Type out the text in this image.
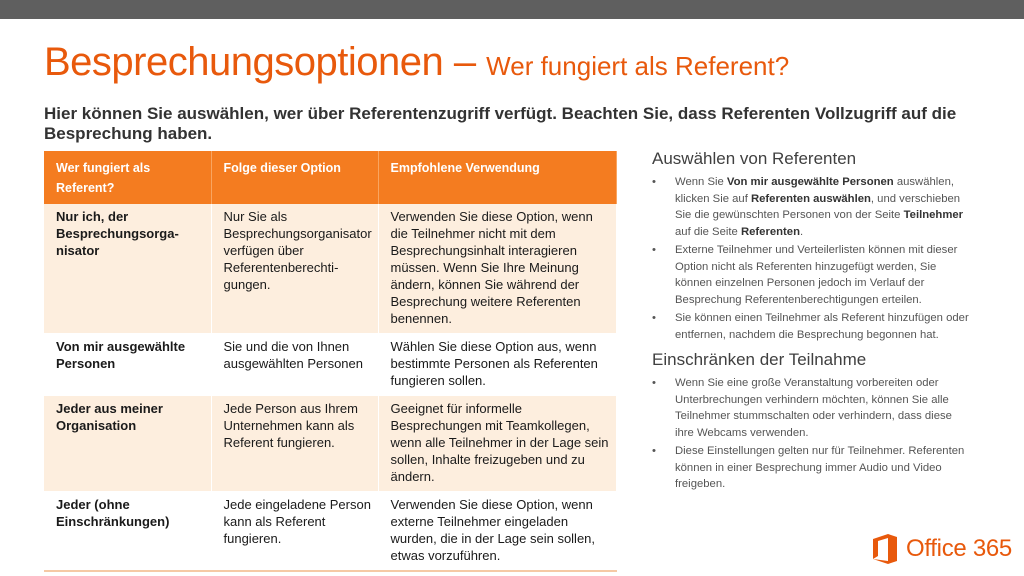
Besprechungsoptionen – Wer fungiert als Referent?
Hier können Sie auswählen, wer über Referentenzugriff verfügt. Beachten Sie, dass Referenten Vollzugriff auf die Besprechung haben.
Wer fungiert als Referent?	Folge dieser Option	Empfohlene Verwendung
Nur ich, der Besprechungsorga-nisator	Nur Sie als Besprechungsorganisator verfügen über Referentenberechti-gungen.	Verwenden Sie diese Option, wenn die Teilnehmer nicht mit dem Besprechungsinhalt interagieren müssen. Wenn Sie Ihre Meinung ändern, können Sie während der Besprechung weitere Referenten benennen.
Von mir ausgewählte Personen	Sie und die von Ihnen ausgewählten Personen	Wählen Sie diese Option aus, wenn bestimmte Personen als Referenten fungieren sollen.
Jeder aus meiner Organisation	Jede Person aus Ihrem Unternehmen kann als Referent fungieren.	Geeignet für informelle Besprechungen mit Teamkollegen, wenn alle Teilnehmer in der Lage sein sollen, Inhalte freizugeben und zu ändern.
Jeder (ohne Einschränkungen)	Jede eingeladene Person kann als Referent fungieren.	Verwenden Sie diese Option, wenn externe Teilnehmer eingeladen wurden, die in der Lage sein sollen, etwas vorzuführen.
Auswählen von Referenten
•	Wenn Sie Von mir ausgewählte Personen auswählen, klicken Sie auf Referenten auswählen, und verschieben Sie die gewünschten Personen von der Seite Teilnehmer auf die Seite Referenten.
•	Externe Teilnehmer und Verteilerlisten können mit dieser Option nicht als Referenten hinzugefügt werden, Sie können einzelnen Personen jedoch im Verlauf der Besprechung Referentenberechtigungen erteilen.
•	Sie können einen Teilnehmer als Referent hinzufügen oder entfernen, nachdem die Besprechung begonnen hat.
Einschränken der Teilnahme
•	Wenn Sie eine große Veranstaltung vorbereiten oder Unterbrechungen verhindern möchten, können Sie alle Teilnehmer stummschalten oder verhindern, dass diese ihre Webcams verwenden.
•	Diese Einstellungen gelten nur für Teilnehmer. Referenten können in einer Besprechung immer Audio und Video freigeben.
Office 365
